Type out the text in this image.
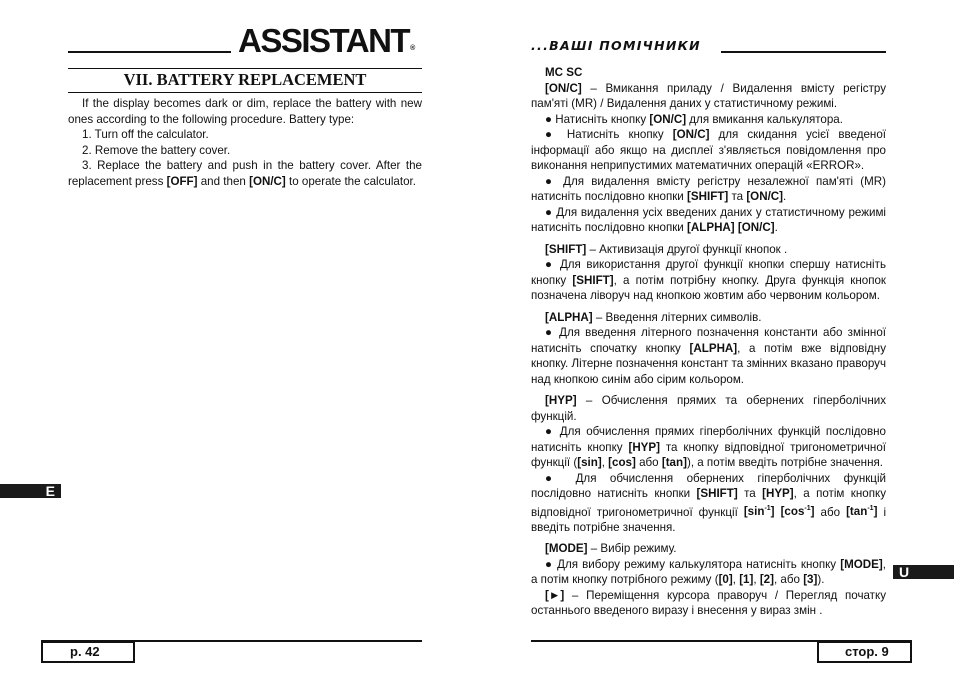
ASSISTANT®
VII. BATTERY REPLACEMENT

If the display becomes dark or dim, replace the battery with new ones according to the following procedure. Battery type:

1. Turn off the calculator.

2. Remove the battery cover.

3. Replace the battery and push in the battery cover. After the replacement press [OFF] and then [ON/C] to operate the calculator.

E
p. 42
...ВАШІ ПОМІЧНИКИ

MC SC

[ON/C] – Вмикання приладу / Видалення вмісту регістру пам'яті (MR) / Видалення даних у статистичному режимі.

● Натисніть кнопку [ON/C] для вмикання калькулятора.

● Натисніть кнопку [ON/C] для скидання усієї введеної інформації або якщо на дисплеї з'являється повідомлення про виконання неприпустимих математичних операцій «ERROR».

● Для видалення вмісту регістру незалежної пам'яті (MR) натисніть послідовно кнопки [SHIFT] та [ON/C].

● Для видалення усіх введених даних у статистичному режимі натисніть послідовно кнопки [ALPHA] [ON/C].

[SHIFT] – Активизація другої функції кнопок .

● Для використання другої функції кнопки спершу натисніть кнопку [SHIFT], а потім потрібну кнопку. Друга функція кнопок позначена ліворуч над кнопкою жовтим або червоним кольором.

[ALPHA] – Введення літерних символів.

● Для введення літерного позначення константи або змінної натисніть спочатку кнопку [ALPHA], а потім вже відповідну кнопку. Літерне позначення констант та змінних вказано праворуч над кнопкою синім або сірим кольором.

[HYP] – Обчислення прямих та обернених гіперболічних функцій.

● Для обчислення прямих гіперболічних функцій послідовно натисніть кнопку [HYP] та кнопку відповідної тригонометричної функції ([sin], [cos] або [tan]), а потім введіть потрібне значення.

● Для обчислення обернених гіперболічних функцій послідовно натисніть кнопки [SHIFT] та [HYP], а потім кнопку відповідної тригонометричної функції $[\sin^{-1}]$ $[\cos^{-1}]$ або $[\tan^{-1}]$ і введіть потрібне значення.

[MODE] – Вибір режиму.

● Для вибору режиму калькулятора натисніть кнопку [MODE], а потім кнопку потрібного режиму ([0], [1], [2], або [3]).

[►] – Переміщення курсора праворуч / Перегляд початку останнього введеного виразу і внесення у вираз змін .

U
стор. 9
